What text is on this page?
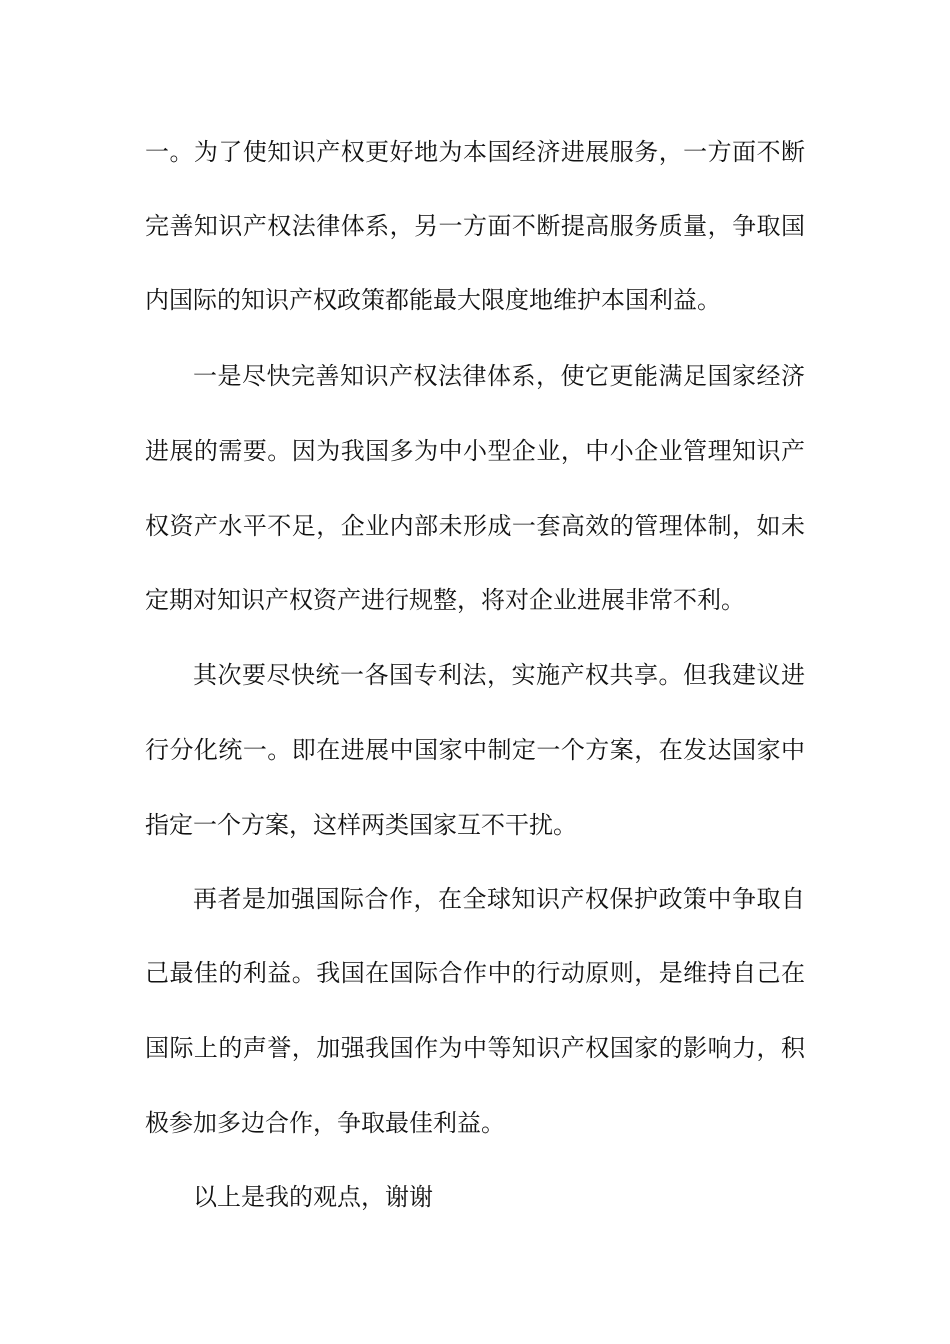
一。为了使知识产权更好地为本国经济进展服务，一方面不断
完善知识产权法律体系，另一方面不断提高服务质量，争取国
内国际的知识产权政策都能最大限度地维护本国利益。
一是尽快完善知识产权法律体系，使它更能满足国家经济
进展的需要。因为我国多为中小型企业，中小企业管理知识产
权资产水平不足，企业内部未形成一套高效的管理体制，如未
定期对知识产权资产进行规整，将对企业进展非常不利。
其次要尽快统一各国专利法，实施产权共享。但我建议进
行分化统一。即在进展中国家中制定一个方案，在发达国家中
指定一个方案，这样两类国家互不干扰。
再者是加强国际合作，在全球知识产权保护政策中争取自
己最佳的利益。我国在国际合作中的行动原则，是维持自己在
国际上的声誉，加强我国作为中等知识产权国家的影响力，积
极参加多边合作，争取最佳利益。
以上是我的观点，谢谢
